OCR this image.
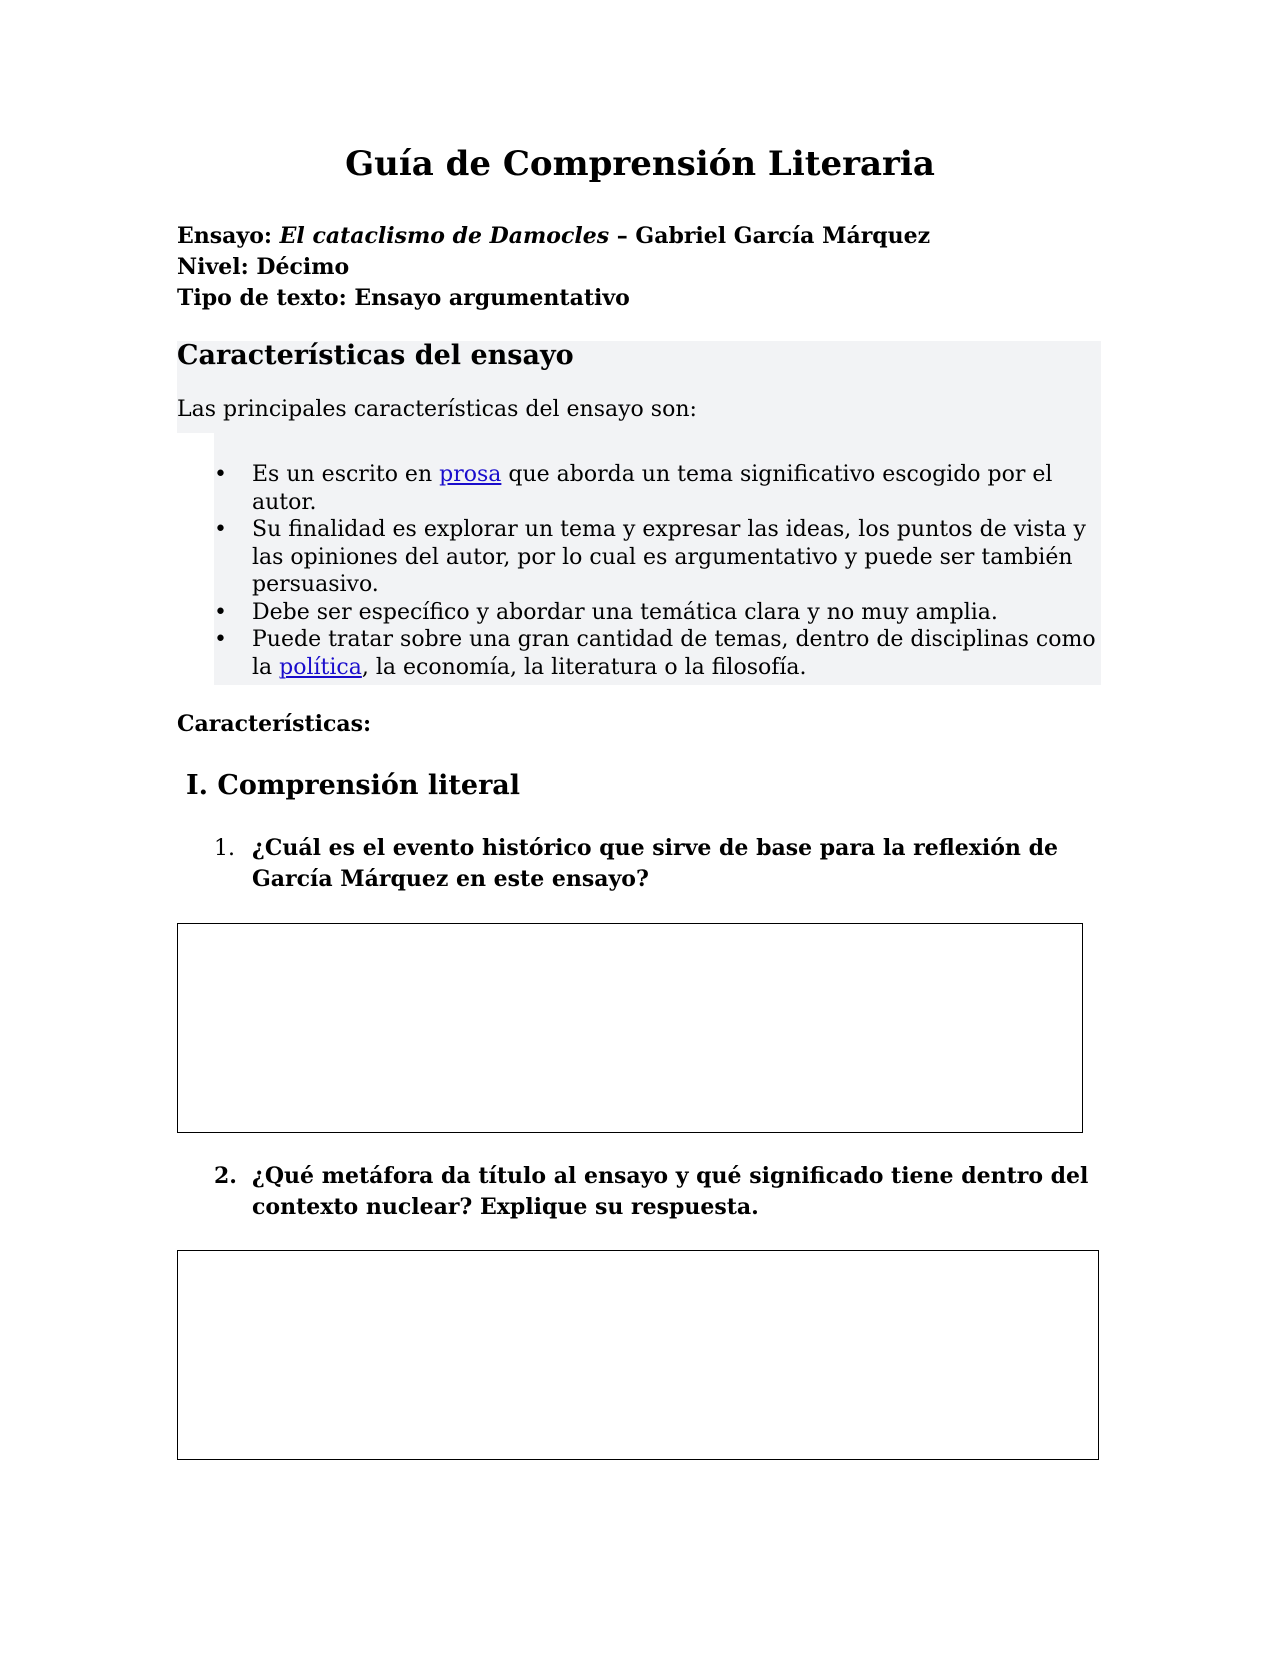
Guía de Comprensión Literaria
Ensayo: El cataclismo de Damocles – Gabriel García Márquez
Nivel: Décimo
Tipo de texto: Ensayo argumentativo
Características del ensayo

Las principales características del ensayo son:

• Es un escrito en prosa que aborda un tema significativo escogido por el autor.
• Su finalidad es explorar un tema y expresar las ideas, los puntos de vista y las opiniones del autor, por lo cual es argumentativo y puede ser también persuasivo.
• Debe ser específico y abordar una temática clara y no muy amplia.
• Puede tratar sobre una gran cantidad de temas, dentro de disciplinas como la política, la economía, la literatura o la filosofía.

Características:

I. Comprensión literal
1. ¿Cuál es el evento histórico que sirve de base para la reflexión de García Márquez en este ensayo?
2. ¿Qué metáfora da título al ensayo y qué significado tiene dentro del contexto nuclear? Explique su respuesta.
